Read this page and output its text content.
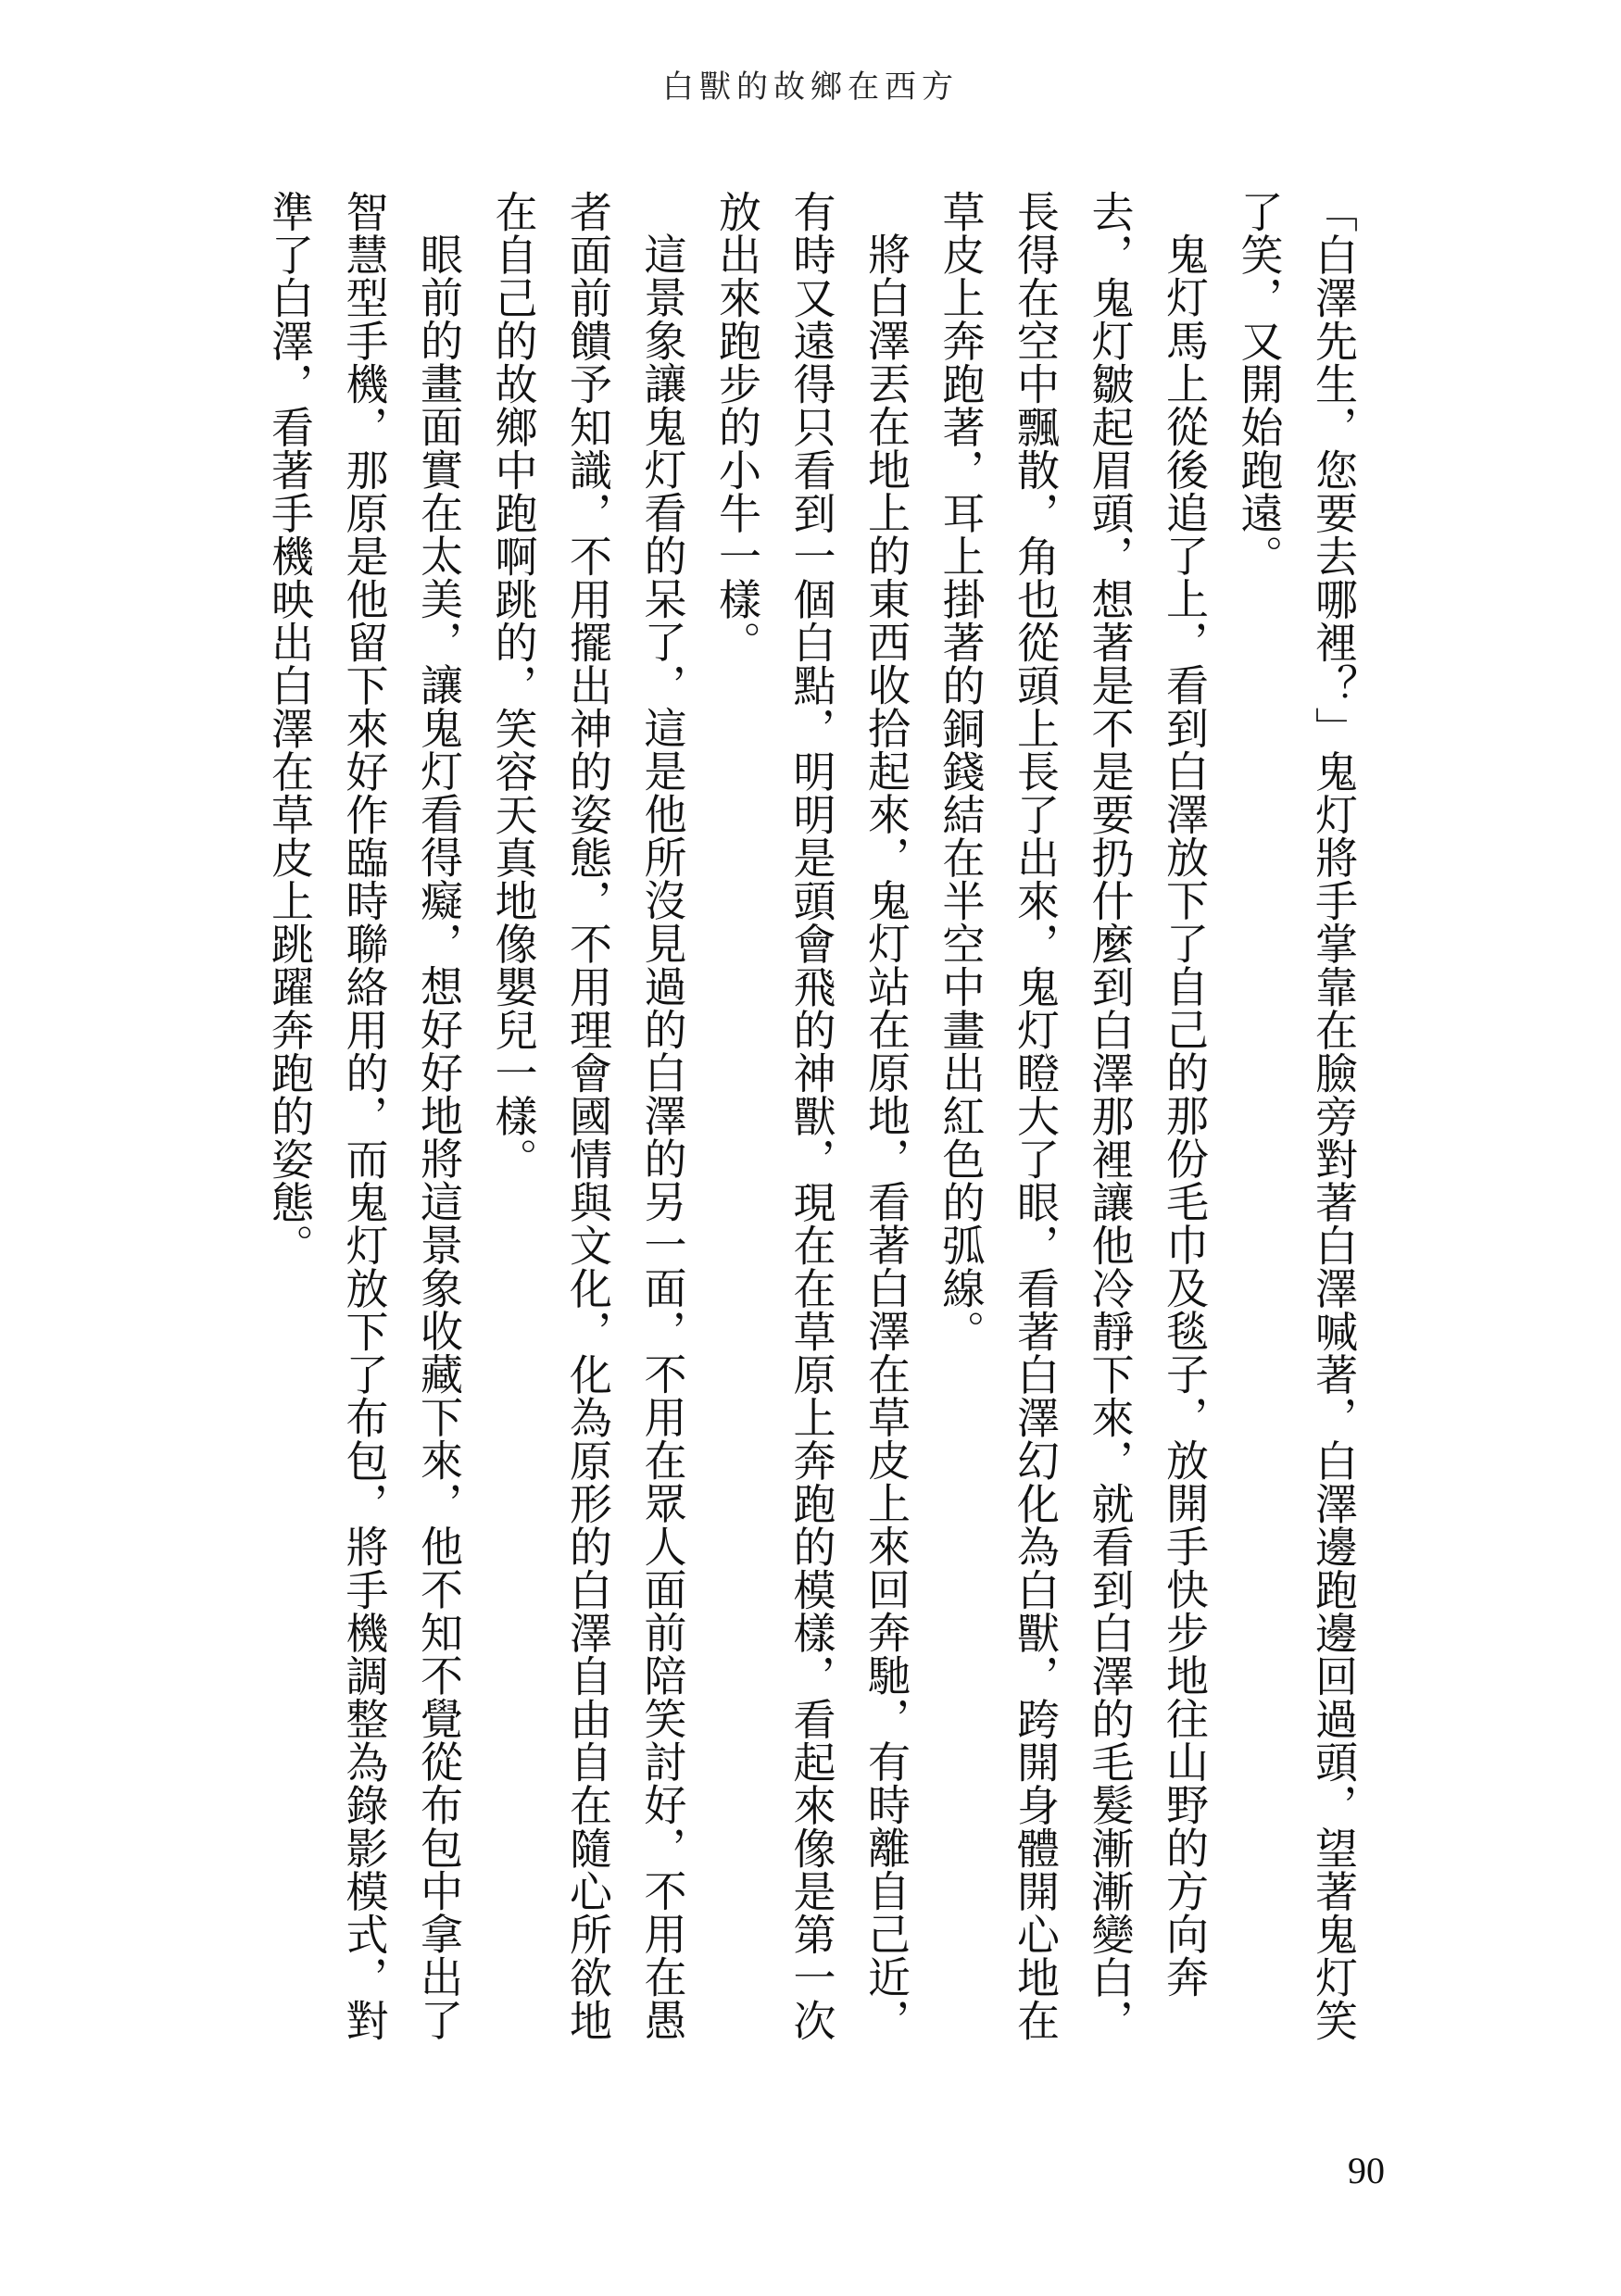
白獸的故鄉在西方

「白澤先生，您要去哪裡？」鬼灯將手掌靠在臉旁對著白澤喊著，白澤邊跑邊回過頭，望著鬼灯笑了笑，又開始跑遠。

鬼灯馬上從後追了上，看到白澤放下了自己的那份毛巾及毯子，放開手快步地往山野的方向奔去，鬼灯皺起眉頭，想著是不是要扔什麼到白澤那裡讓他冷靜下來，就看到白澤的毛髮漸漸變白，長得在空中飄散，角也從頭上長了出來，鬼灯瞪大了眼，看著白澤幻化為白獸，跨開身體開心地在草皮上奔跑著，耳上掛著的銅錢結在半空中畫出紅色的弧線。

將白澤丟在地上的東西收拾起來，鬼灯站在原地，看著白澤在草皮上來回奔馳，有時離自己近，有時又遠得只看到一個白點，明明是頭會飛的神獸，現在在草原上奔跑的模樣，看起來像是第一次放出來跑步的小牛一樣。

這景象讓鬼灯看的呆了，這是他所沒見過的白澤的另一面，不用在眾人面前陪笑討好，不用在愚者面前饋予知識，不用擺出神的姿態，不用理會國情與文化，化為原形的白澤自由自在隨心所欲地在自己的故鄉中跑啊跳的，笑容天真地像嬰兒一樣。

眼前的畫面實在太美，讓鬼灯看得癡，想好好地將這景象收藏下來，他不知不覺從布包中拿出了智慧型手機，那原是他留下來好作臨時聯絡用的，而鬼灯放下了布包，將手機調整為錄影模式，對準了白澤，看著手機映出白澤在草皮上跳躍奔跑的姿態。

90
